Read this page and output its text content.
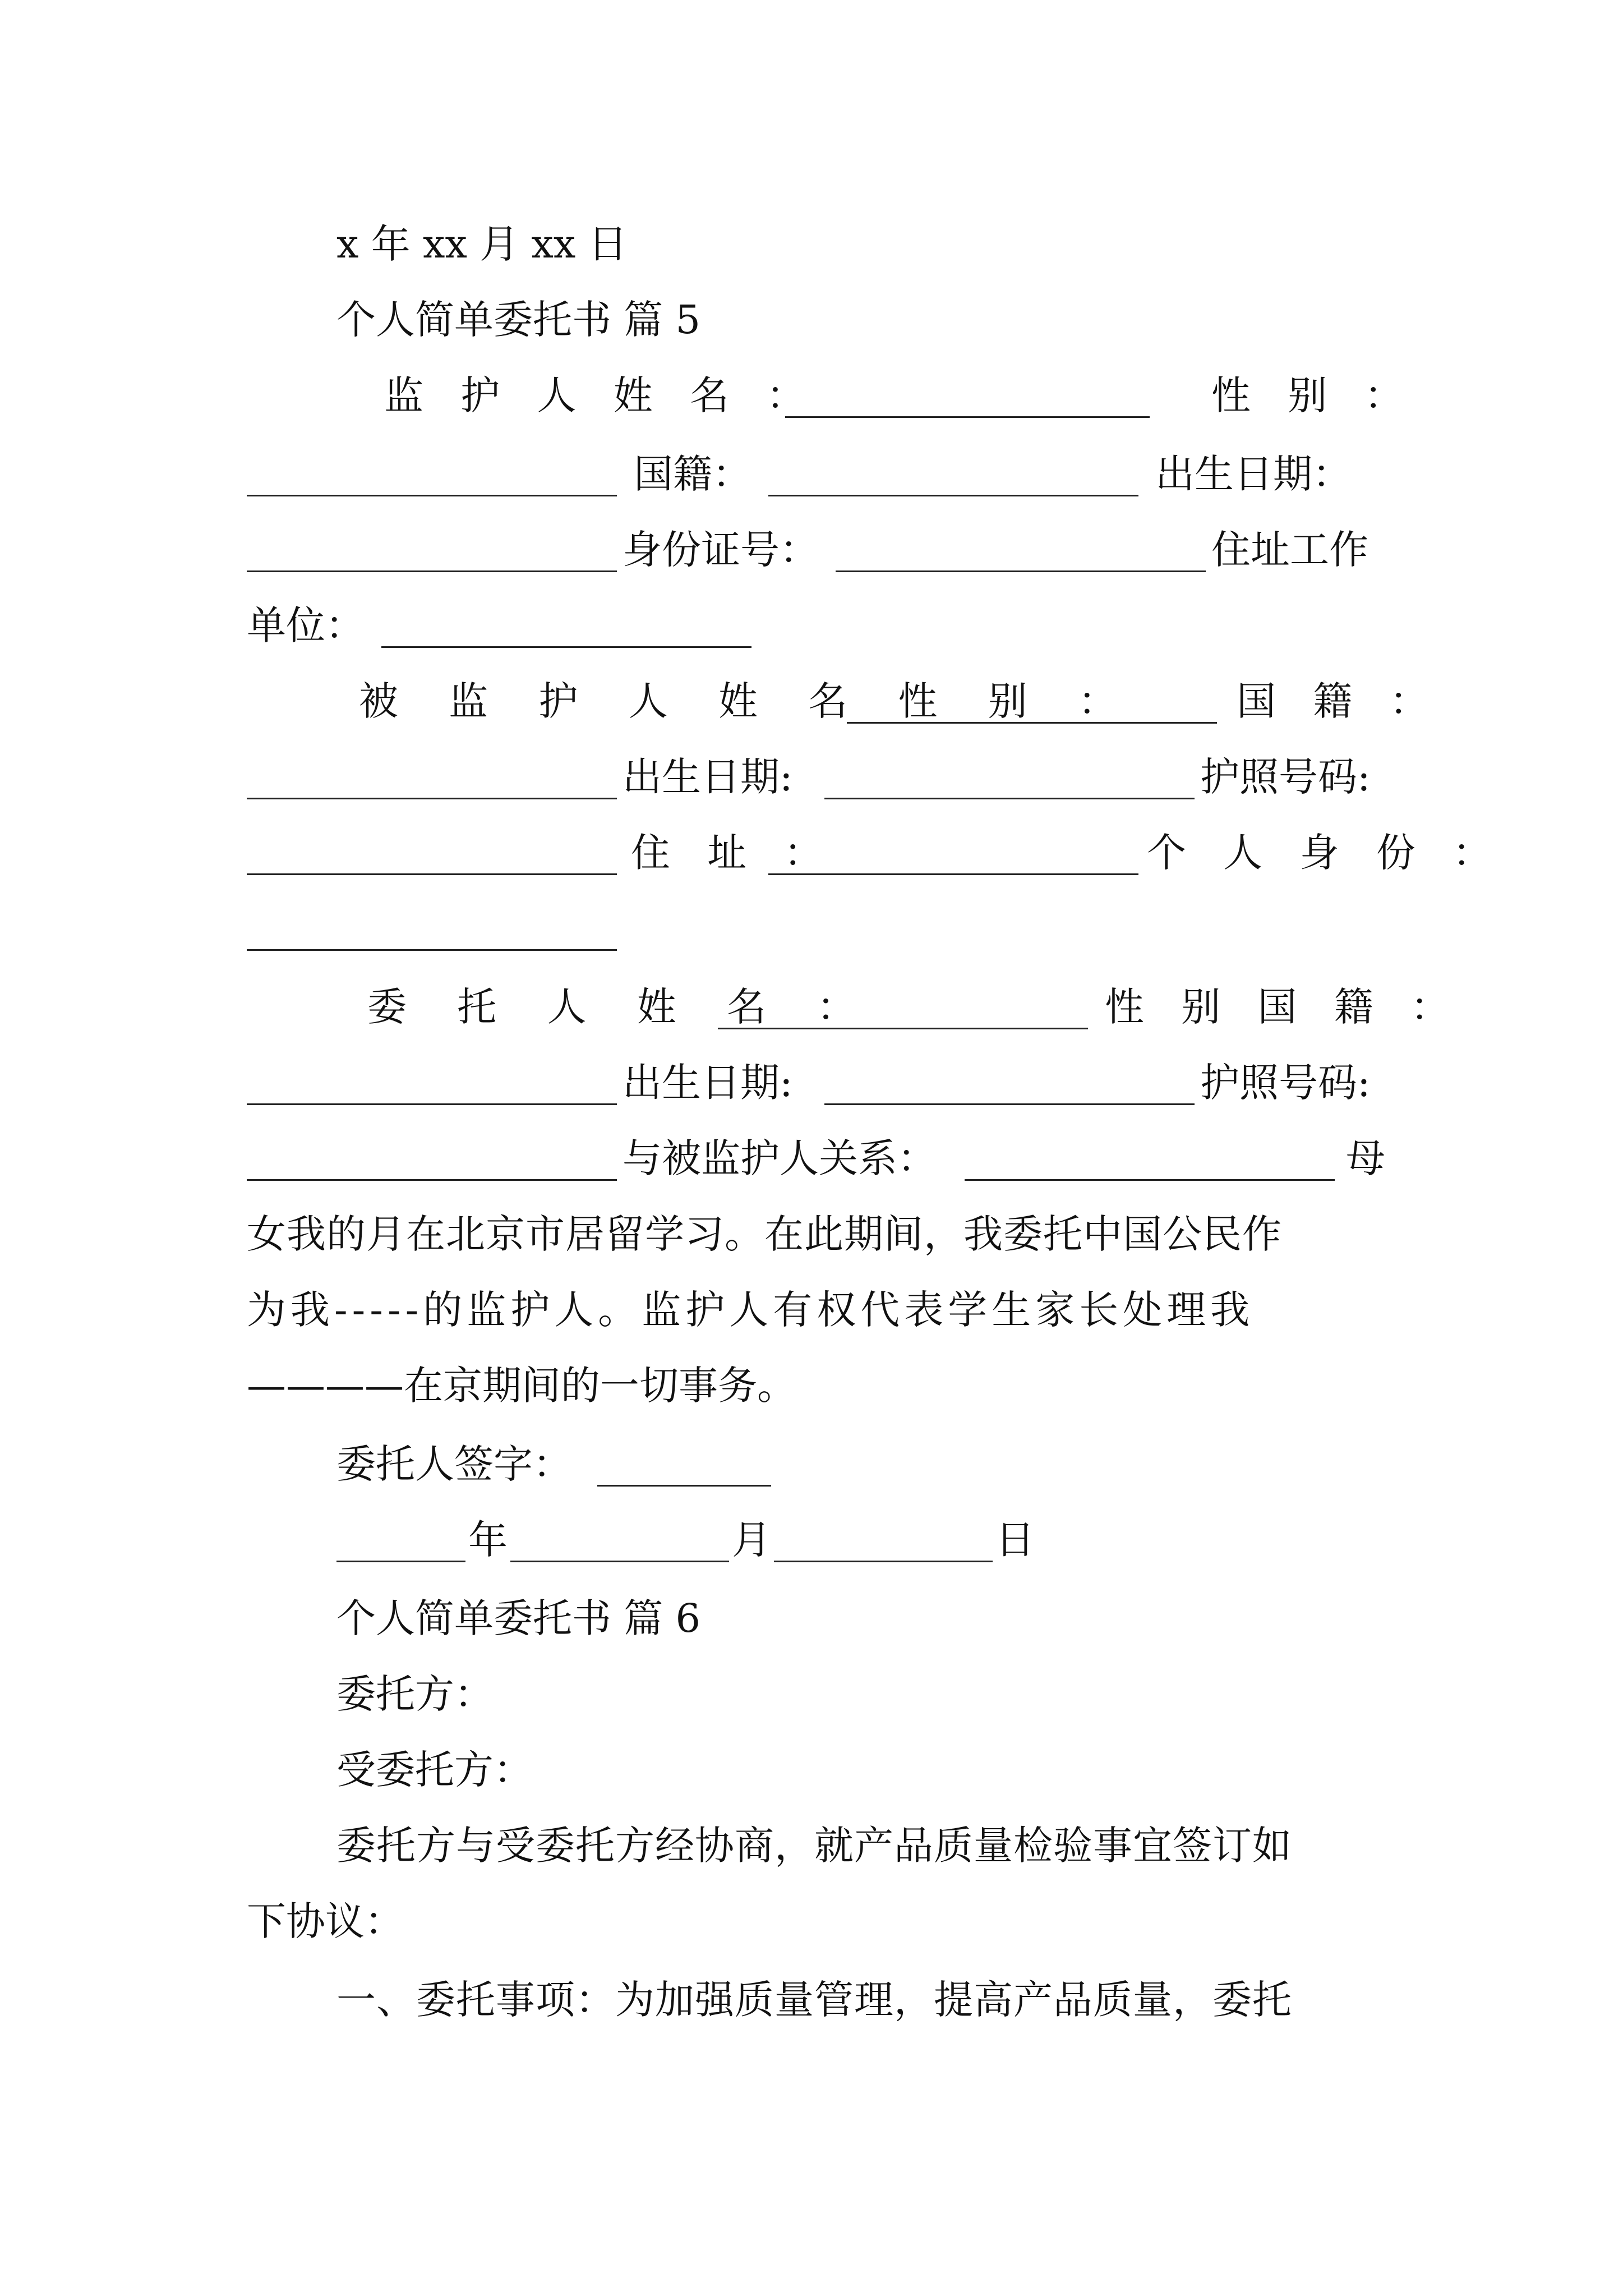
x 年 xx 月 xx 日
个人简单委托书 篇 5
监 护 人 姓 名 ：	性 别 ：
国籍：	出生日期：
身份证号：	住址工作
单位：
被 监 护 人 姓 名 性 别 ：	国 籍 ：
出生日期:	护照号码:
住 址 ：	个 人 身 份 ：
委 托 人 姓 名 ：	性 别 国 籍 ：
出生日期:	护照号码:
与被监护人关系：	母
女我的月在北京市居留学习。在此期间，我委托中国公民作
为我-----的监护人。监护人有权代表学生家长处理我
————在京期间的一切事务。
委托人签字：
年	月	日
个人简单委托书 篇 6
委托方：
受委托方：
委托方与受委托方经协商，就产品质量检验事宜签订如
下协议：
一、委托事项：为加强质量管理，提高产品质量，委托
